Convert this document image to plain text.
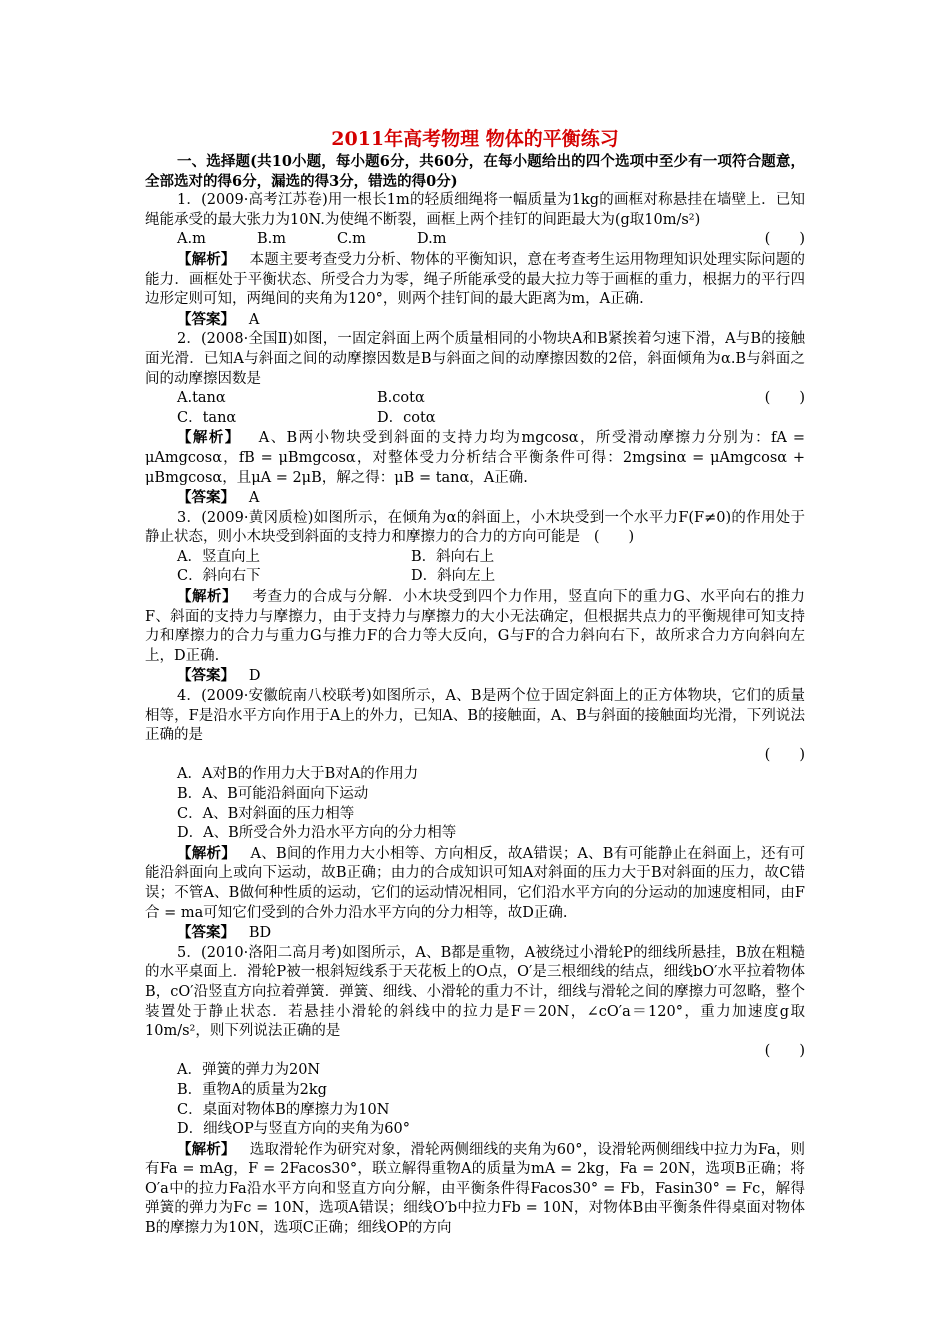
2011年高考物理 物体的平衡练习

一、选择题(共10小题，每小题6分，共60分，在每小题给出的四个选项中至少有一项符合题意，全部选对的得6分，漏选的得3分，错选的得0分)

1．(2009·高考江苏卷)用一根长1m的轻质细绳将一幅质量为1kg的画框对称悬挂在墙壁上．已知绳能承受的最大张力为10N.为使绳不断裂，画框上两个挂钉的间距最大为(g取10m/s²)

(　　)

A.m	B.m	C.m	D.m

【解析】 本题主要考查受力分析、物体的平衡知识，意在考查考生运用物理知识处理实际问题的能力．画框处于平衡状态、所受合力为零，绳子所能承受的最大拉力等于画框的重力，根据力的平行四边形定则可知，两绳间的夹角为120°，则两个挂钉间的最大距离为m，A正确.

【答案】 A

2．(2008·全国Ⅱ)如图，一固定斜面上两个质量相同的小物块A和B紧挨着匀速下滑，A与B的接触面光滑．已知A与斜面之间的动摩擦因数是B与斜面之间的动摩擦因数的2倍，斜面倾角为α.B与斜面之间的动摩擦因数是

A.tanα	B.cotα	(　　)
C．tanα	D．cotα

【解析】 A、B两小物块受到斜面的支持力均为mgcosα，所受滑动摩擦力分别为：fA = μAmgcosα，fB = μBmgcosα，对整体受力分析结合平衡条件可得：2mgsinα = μAmgcosα + μBmgcosα，且μA = 2μB，解之得：μB = tanα，A正确.

【答案】 A

3．(2009·黄冈质检)如图所示，在倾角为α的斜面上，小木块受到一个水平力F(F≠0)的作用处于静止状态，则小木块受到斜面的支持力和摩擦力的合力的方向可能是 (　　)

A．竖直向上	B．斜向右上
C．斜向右下	D．斜向左上

【解析】 考查力的合成与分解．小木块受到四个力作用，竖直向下的重力G、水平向右的推力F、斜面的支持力与摩擦力，由于支持力与摩擦力的大小无法确定，但根据共点力的平衡规律可知支持力和摩擦力的合力与重力G与推力F的合力等大反向，G与F的合力斜向右下，故所求合力方向斜向左上，D正确.

【答案】 D

4．(2009·安徽皖南八校联考)如图所示，A、B是两个位于固定斜面上的正方体物块，它们的质量相等，F是沿水平方向作用于A上的外力，已知A、B的接触面，A、B与斜面的接触面均光滑，下列说法正确的是

(　　)

A．A对B的作用力大于B对A的作用力

B．A、B可能沿斜面向下运动

C．A、B对斜面的压力相等

D．A、B所受合外力沿水平方向的分力相等

【解析】 A、B间的作用力大小相等、方向相反，故A错误；A、B有可能静止在斜面上，还有可能沿斜面向上或向下运动，故B正确；由力的合成知识可知A对斜面的压力大于B对斜面的压力，故C错误；不管A、B做何种性质的运动，它们的运动情况相同，它们沿水平方向的分运动的加速度相同，由F合 = ma可知它们受到的合外力沿水平方向的分力相等，故D正确.

【答案】 BD

5．(2010·洛阳二高月考)如图所示，A、B都是重物，A被绕过小滑轮P的细线所悬挂，B放在粗糙的水平桌面上．滑轮P被一根斜短线系于天花板上的O点，O′是三根细线的结点，细线bO′水平拉着物体B，cO′沿竖直方向拉着弹簧．弹簧、细线、小滑轮的重力不计，细线与滑轮之间的摩擦力可忽略，整个装置处于静止状态．若悬挂小滑轮的斜线中的拉力是F＝20N，∠cO′a＝120°，重力加速度g取10m/s²，则下列说法正确的是

(　　)

A．弹簧的弹力为20N

B．重物A的质量为2kg

C．桌面对物体B的摩擦力为10N

D．细线OP与竖直方向的夹角为60°

【解析】 选取滑轮作为研究对象，滑轮两侧细线的夹角为60°，设滑轮两侧细线中拉力为Fa，则有Fa = mAg，F = 2Facos30°，联立解得重物A的质量为mA = 2kg，Fa = 20N，选项B正确；将O′a中的拉力Fa沿水平方向和竖直方向分解，由平衡条件得Facos30° = Fb，Fasin30° = Fc，解得弹簧的弹力为Fc = 10N，选项A错误；细线O′b中拉力Fb = 10N，对物体B由平衡条件得桌面对物体B的摩擦力为10N，选项C正确；细线OP的方向
